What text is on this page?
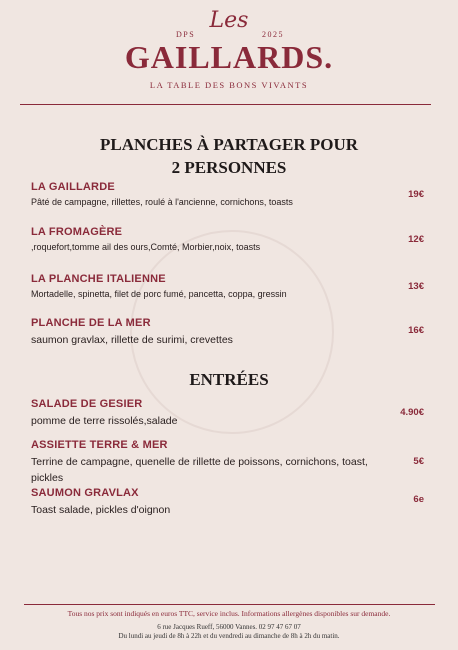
Les
DPS	2025
GAILLARDS.
LA TABLE DES BONS VIVANTS
PLANCHES À PARTAGER POUR
2 PERSONNES
LA GAILLARDE
Pâté de campagne, rillettes, roulé à l'ancienne, cornichons, toasts
19€
LA FROMAGÈRE
,roquefort,tomme ail des ours,Comté, Morbier,noix, toasts
12€
LA PLANCHE ITALIENNE
Mortadelle, spinetta, filet de porc fumé, pancetta, coppa, gressin
13€
PLANCHE DE LA MER
saumon gravlax, rillette de surimi, crevettes
16€
ENTRÉES
SALADE DE GESIER
pomme de terre rissolés,salade
4.90€
ASSIETTE TERRE & MER
Terrine de campagne, quenelle de rillette de poissons, cornichons, toast, pickles
5€
SAUMON GRAVLAX
Toast salade, pickles d'oignon
6e
Tous nos prix sont indiqués en euros TTC, service inclus. Informations allergènes disponibles sur demande.
6 rue Jacques Rueff, 56000 Vannes. 02 97 47 67 07
Du lundi au jeudi de 8h à 22h et du vendredi au dimanche de 8h à 2h du matin.
